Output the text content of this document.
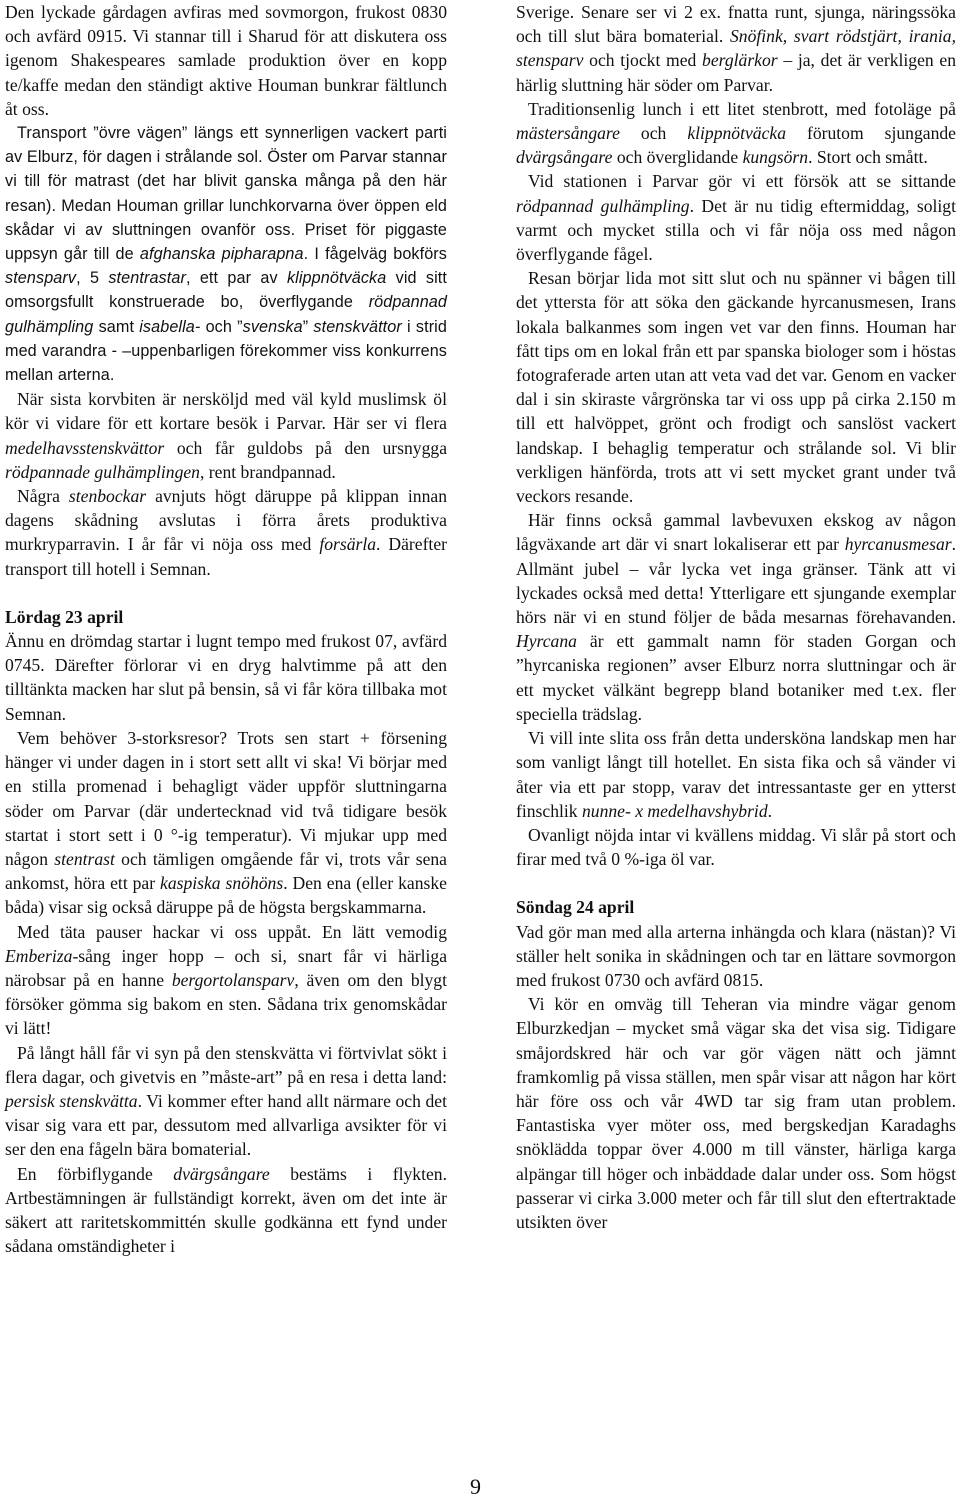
Den lyckade gårdagen avfiras med sovmorgon, frukost 0830 och avfärd 0915. Vi stannar till i Sharud för att diskutera oss igenom Shakespeares samlade produktion över en kopp te/kaffe medan den ständigt aktive Houman bunkrar fältlunch åt oss.

Transport ”övre vägen” längs ett synnerligen vackert parti av Elburz, för dagen i strålande sol. Öster om Parvar stannar vi till för matrast (det har blivit ganska många på den här resan). Medan Houman grillar lunchkorvarna över öppen eld skådar vi av sluttningen ovanför oss. Priset för piggaste uppsyn går till de afghanska pipharарna. I fågelväg bokförs stensparv, 5 stentrastar, ett par av klippnötväcka vid sitt omsorgsfullt konstruerade bo, överflygande rödpannad gulhämpling samt isabella- och ”svenska” stenskvättor i strid med varandra - –uppenbarligen förekommer viss konkurrens mellan arterna.

När sista korvbiten är nersköljd med väl kyld muslimsk öl kör vi vidare för ett kortare besök i Parvar. Här ser vi flera medelhavsstenskvättor och får guldobs på den ursnygga rödpannade gulhämplingen, rent brandpannad.

Några stenbockar avnjuts högt däruppe på klippan innan dagens skådning avslutas i förra årets produktiva murkryparravin. I år får vi nöja oss med forsärla. Därefter transport till hotell i Semnan.

Lördag 23 april

Ännu en drömdag startar i lugnt tempo med frukost 07, avfärd 0745. Därefter förlorar vi en dryg halvtimme på att den tilltänkta macken har slut på bensin, så vi får köra tillbaka mot Semnan.

Vem behöver 3-storksresor? Trots sen start + försening hänger vi under dagen in i stort sett allt vi ska! Vi börjar med en stilla promenad i behagligt väder uppför sluttningarna söder om Parvar (där undertecknad vid två tidigare besök startat i stort sett i 0 °-ig temperatur). Vi mjukar upp med någon stentrast och tämligen omgående får vi, trots vår sena ankomst, höra ett par kaspiska snöhöns. Den ena (eller kanske båda) visar sig också däruppe på de högsta bergskammarna.

Med täta pauser hackar vi oss uppåt. En lätt vemodig Emberiza-sång inger hopp – och si, snart får vi härliga närobsar på en hanne bergortolansparv, även om den blygt försöker gömma sig bakom en sten. Sådana trix genomskådar vi lätt!

På långt håll får vi syn på den stenskvätta vi förtvivlat sökt i flera dagar, och givetvis en ”måste-art” på en resa i detta land: persisk stenskvätta. Vi kommer efter hand allt närmare och det visar sig vara ett par, dessutom med allvarliga avsikter för vi ser den ena fågeln bära bomaterial.

En förbiflygande dvärgsångare bestäms i flykten. Artbestämningen är fullständigt korrekt, även om det inte är säkert att raritetskommittén skulle godkänna ett fynd under sådana omständigheter i

Sverige. Senare ser vi 2 ex. fnatta runt, sjunga, näringssöka och till slut bära bomaterial. Snöfink, svart rödstjärt, irania, stensparv och tjockt med berglärkor – ja, det är verkligen en härlig sluttning här söder om Parvar.

Traditionsenlig lunch i ett litet stenbrott, med fotoläge på mästersångare och klippnötväcka förutom sjungande dvärgsångare och överglidande kungsörn. Stort och smått.

Vid stationen i Parvar gör vi ett försök att se sittande rödpannad gulhämpling. Det är nu tidig eftermiddag, soligt varmt och mycket stilla och vi får nöja oss med någon överflygande fågel.

Resan börjar lida mot sitt slut och nu spänner vi bågen till det yttersta för att söka den gäckande hyrcanusmesen, Irans lokala balkanmes som ingen vet var den finns. Houman har fått tips om en lokal från ett par spanska biologer som i höstas fotograferade arten utan att veta vad det var. Genom en vacker dal i sin skiraste vårgrönska tar vi oss upp på cirka 2.150 m till ett halvöppet, grönt och frodigt och sanslöst vackert landskap. I behaglig temperatur och strålande sol. Vi blir verkligen hänförda, trots att vi sett mycket grant under två veckors resande.

Här finns också gammal lavbevuxen ekskog av någon lågväxande art där vi snart lokaliserar ett par hyrcanusmesar. Allmänt jubel – vår lycka vet inga gränser. Tänk att vi lyckades också med detta! Ytterligare ett sjungande exemplar hörs när vi en stund följer de båda mesarnas förehavanden. Hyrcana är ett gammalt namn för staden Gorgan och ”hyrcaniska regionen” avser Elburz norra sluttningar och är ett mycket välkänt begrepp bland botaniker med t.ex. fler speciella trädslag.

Vi vill inte slita oss från detta undersköna landskap men har som vanligt långt till hotellet. En sista fika och så vänder vi åter via ett par stopp, varav det intressantaste ger en ytterst finschlik nunne- x medelhavshybrid.

Ovanligt nöjda intar vi kvällens middag. Vi slår på stort och firar med två 0 %-iga öl var.

Söndag 24 april

Vad gör man med alla arterna inhängda och klara (nästan)? Vi ställer helt sonika in skådningen och tar en lättare sovmorgon med frukost 0730 och avfärd 0815.

Vi kör en omväg till Teheran via mindre vägar genom Elburzkedjan – mycket små vägar ska det visa sig. Tidigare småjordskred här och var gör vägen nätt och jämnt framkomlig på vissa ställen, men spår visar att någon har kört här före oss och vår 4WD tar sig fram utan problem. Fantastiska vyer möter oss, med bergskedjan Karadaghs snöklädda toppar över 4.000 m till vänster, härliga karga alpängar till höger och inbäddade dalar under oss. Som högst passerar vi cirka 3.000 meter och får till slut den eftertraktade utsikten över

9
